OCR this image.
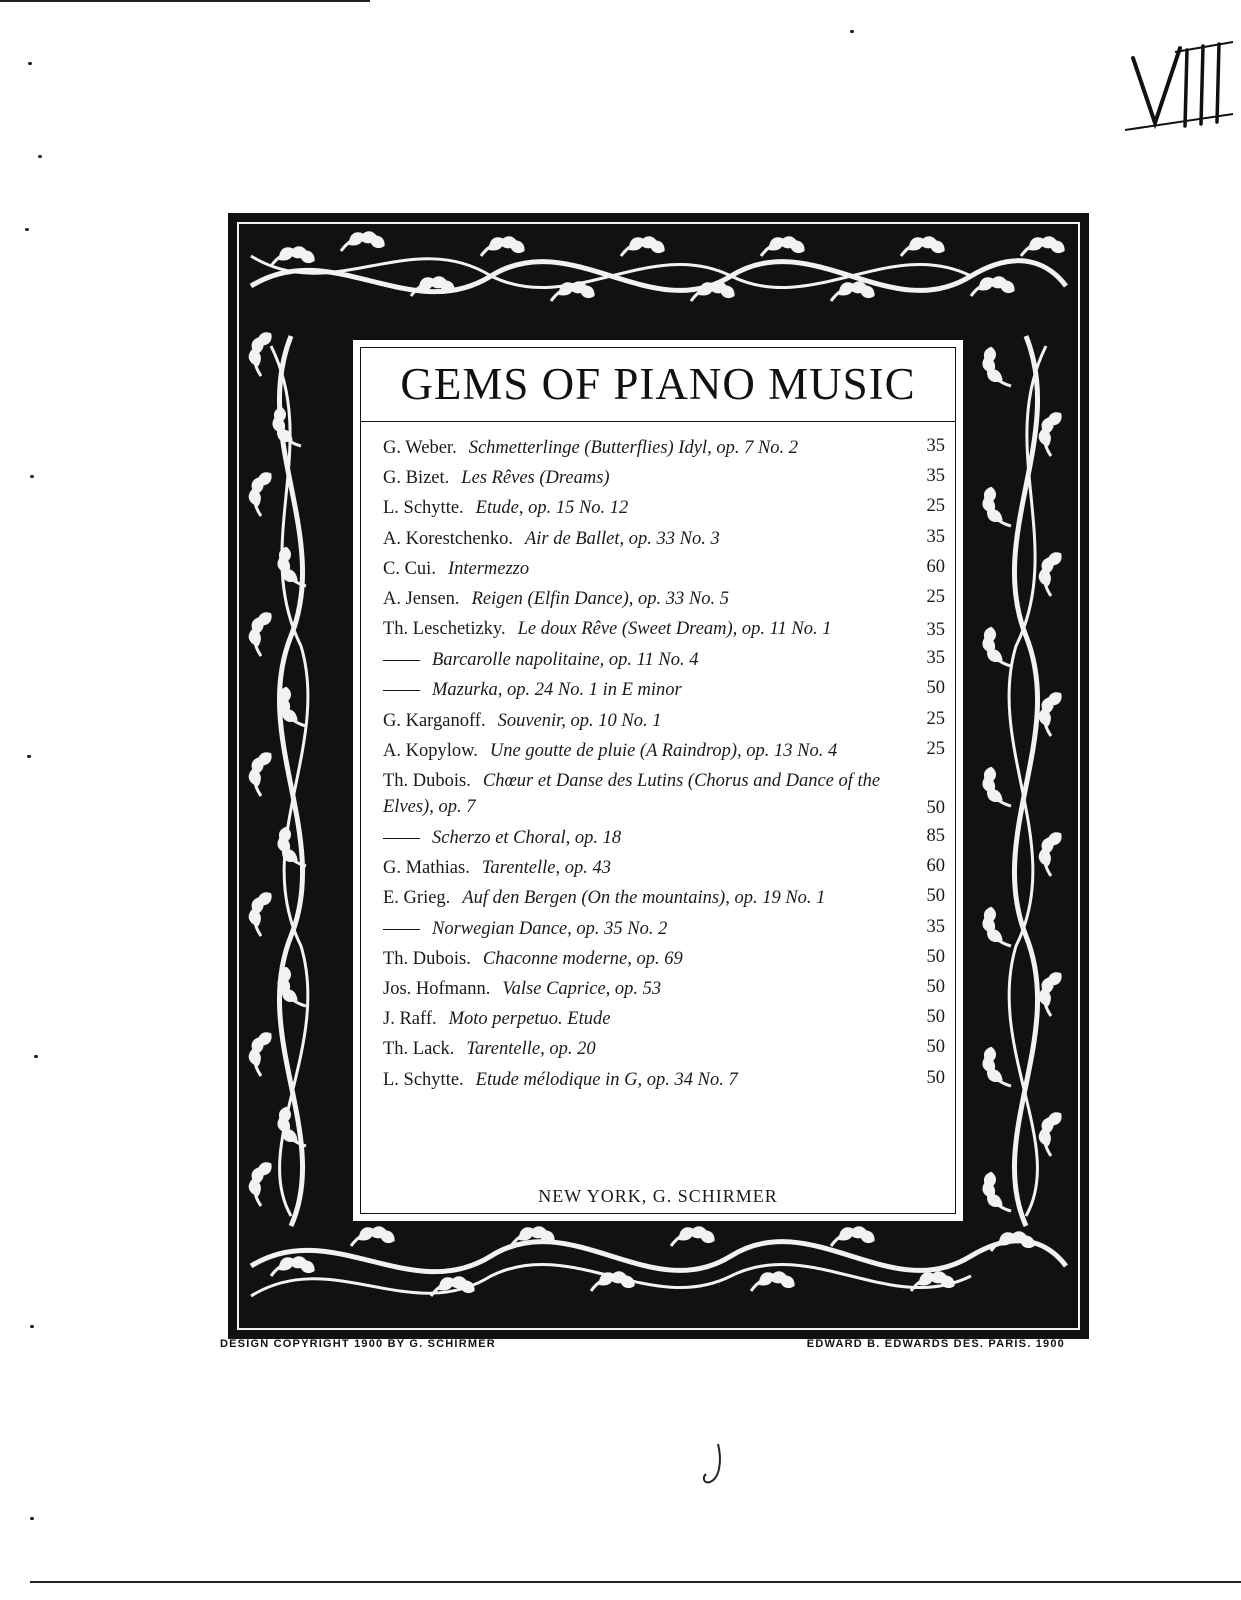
GEMS OF PIANO MUSIC
G. Weber. Schmetterlinge (Butterflies) Idyl, op. 7 No. 2	35
G. Bizet. Les Rêves (Dreams)	35
L. Schytte. Etude, op. 15 No. 12	25
A. Korestchenko. Air de Ballet, op. 33 No. 3	35
C. Cui. Intermezzo	60
A. Jensen. Reigen (Elfin Dance), op. 33 No. 5	25
Th. Leschetizky. Le doux Rêve (Sweet Dream), op. 11 No. 1	35
—— Barcarolle napolitaine, op. 11 No. 4	35
—— Mazurka, op. 24 No. 1 in E minor	50
G. Karganoff. Souvenir, op. 10 No. 1	25
A. Kopylow. Une goutte de pluie (A Raindrop), op. 13 No. 4	25
Th. Dubois. Chœur et Danse des Lutins (Chorus and Dance of the Elves), op. 7	50
—— Scherzo et Choral, op. 18	85
G. Mathias. Tarentelle, op. 43	60
E. Grieg. Auf den Bergen (On the mountains), op. 19 No. 1	50
—— Norwegian Dance, op. 35 No. 2	35
Th. Dubois. Chaconne moderne, op. 69	50
Jos. Hofmann. Valse Caprice, op. 53	50
J. Raff. Moto perpetuo. Etude	50
Th. Lack. Tarentelle, op. 20	50
L. Schytte. Etude mélodique in G, op. 34 No. 7	50
NEW YORK, G. SCHIRMER
DESIGN COPYRIGHT 1900 BY G. SCHIRMER	EDWARD B. EDWARDS DES. PARIS. 1900
